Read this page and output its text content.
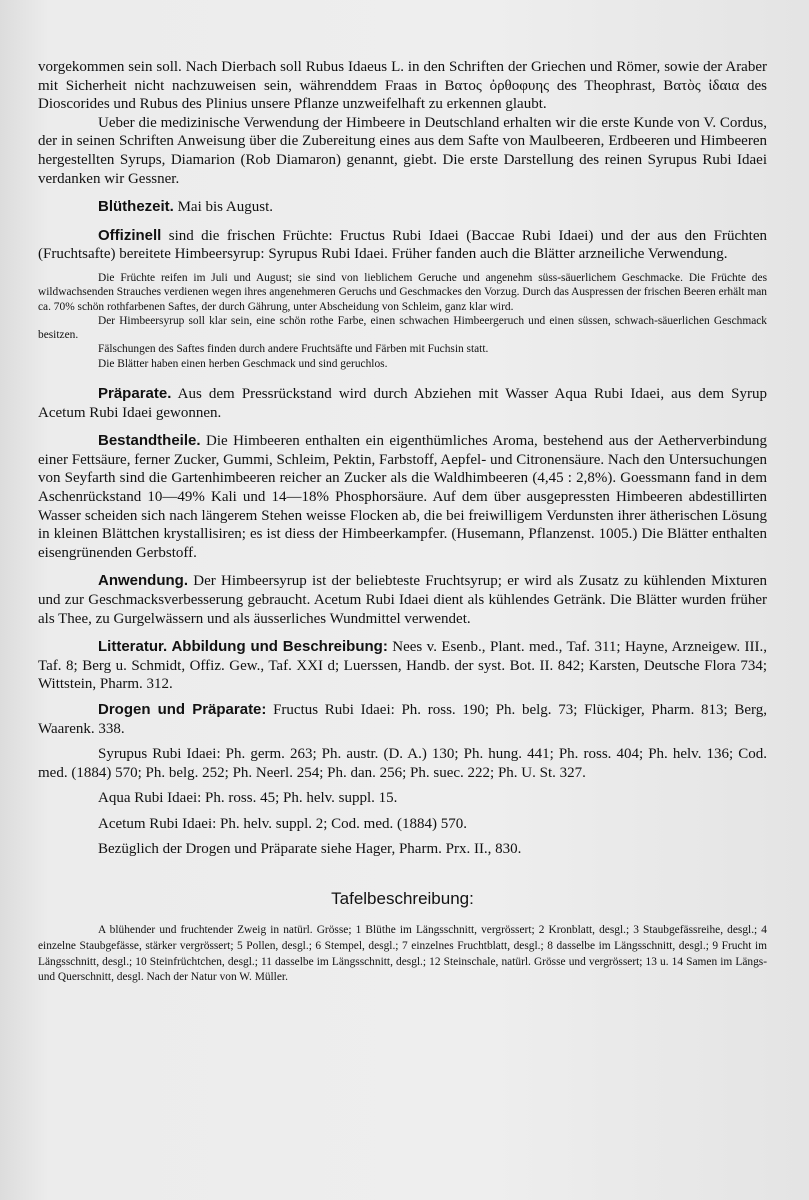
vorgekommen sein soll. Nach Dierbach soll Rubus Idaeus L. in den Schriften der Griechen und Römer, sowie der Araber mit Sicherheit nicht nachzuweisen sein, währenddem Fraas in Βατος ὀρθοφυης des Theophrast, Βατὸς ἰδαια des Dioscorides und Rubus des Plinius unsere Pflanze unzweifelhaft zu erkennen glaubt.

Ueber die medizinische Verwendung der Himbeere in Deutschland erhalten wir die erste Kunde von V. Cordus, der in seinen Schriften Anweisung über die Zubereitung eines aus dem Safte von Maulbeeren, Erdbeeren und Himbeeren hergestellten Syrups, Diamarion (Rob Diamaron) genannt, giebt. Die erste Darstellung des reinen Syrupus Rubi Idaei verdanken wir Gessner.

Blüthezeit. Mai bis August.

Offizinell sind die frischen Früchte: Fructus Rubi Idaei (Baccae Rubi Idaei) und der aus den Früchten (Fruchtsafte) bereitete Himbeersyrup: Syrupus Rubi Idaei. Früher fanden auch die Blätter arzneiliche Verwendung.

Die Früchte reifen im Juli und August; sie sind von lieblichem Geruche und angenehm süss-säuerlichem Geschmacke. Die Früchte des wildwachsenden Strauches verdienen wegen ihres angenehmeren Geruchs und Geschmackes den Vorzug. Durch das Auspressen der frischen Beeren erhält man ca. 70% schön rothfarbenen Saftes, der durch Gährung, unter Abscheidung von Schleim, ganz klar wird.

Der Himbeersyrup soll klar sein, eine schön rothe Farbe, einen schwachen Himbeergeruch und einen süssen, schwach-säuerlichen Geschmack besitzen.

Fälschungen des Saftes finden durch andere Fruchtsäfte und Färben mit Fuchsin statt.

Die Blätter haben einen herben Geschmack und sind geruchlos.

Präparate. Aus dem Pressrückstand wird durch Abziehen mit Wasser Aqua Rubi Idaei, aus dem Syrup Acetum Rubi Idaei gewonnen.

Bestandtheile. Die Himbeeren enthalten ein eigenthümliches Aroma, bestehend aus der Aetherverbindung einer Fettsäure, ferner Zucker, Gummi, Schleim, Pektin, Farbstoff, Aepfel- und Citronensäure. Nach den Untersuchungen von Seyfarth sind die Gartenhimbeeren reicher an Zucker als die Waldhimbeeren (4,45 : 2,8%). Goessmann fand in dem Aschenrückstand 10—49% Kali und 14—18% Phosphorsäure. Auf dem über ausgepressten Himbeeren abdestillirten Wasser scheiden sich nach längerem Stehen weisse Flocken ab, die bei freiwilligem Verdunsten ihrer ätherischen Lösung in kleinen Blättchen krystallisiren; es ist diess der Himbeerkampfer. (Husemann, Pflanzenst. 1005.) Die Blätter enthalten eisengrünenden Gerbstoff.

Anwendung. Der Himbeersyrup ist der beliebteste Fruchtsyrup; er wird als Zusatz zu kühlenden Mixturen und zur Geschmacksverbesserung gebraucht. Acetum Rubi Idaei dient als kühlendes Getränk. Die Blätter wurden früher als Thee, zu Gurgelwässern und als äusserliches Wundmittel verwendet.

Litteratur. Abbildung und Beschreibung: Nees v. Esenb., Plant. med., Taf. 311; Hayne, Arzneigew. III., Taf. 8; Berg u. Schmidt, Offiz. Gew., Taf. XXI d; Luerssen, Handb. der syst. Bot. II. 842; Karsten, Deutsche Flora 734; Wittstein, Pharm. 312.

Drogen und Präparate: Fructus Rubi Idaei: Ph. ross. 190; Ph. belg. 73; Flückiger, Pharm. 813; Berg, Waarenk. 338.

Syrupus Rubi Idaei: Ph. germ. 263; Ph. austr. (D. A.) 130; Ph. hung. 441; Ph. ross. 404; Ph. helv. 136; Cod. med. (1884) 570; Ph. belg. 252; Ph. Neerl. 254; Ph. dan. 256; Ph. suec. 222; Ph. U. St. 327.

Aqua Rubi Idaei: Ph. ross. 45; Ph. helv. suppl. 15.

Acetum Rubi Idaei: Ph. helv. suppl. 2; Cod. med. (1884) 570.

Bezüglich der Drogen und Präparate siehe Hager, Pharm. Prx. II., 830.

Tafelbeschreibung:

A blühender und fruchtender Zweig in natürl. Grösse; 1 Blüthe im Längsschnitt, vergrössert; 2 Kronblatt, desgl.; 3 Staubgefässreihe, desgl.; 4 einzelne Staubgefässe, stärker vergrössert; 5 Pollen, desgl.; 6 Stempel, desgl.; 7 einzelnes Fruchtblatt, desgl.; 8 dasselbe im Längsschnitt, desgl.; 9 Frucht im Längsschnitt, desgl.; 10 Steinfrüchtchen, desgl.; 11 dasselbe im Längsschnitt, desgl.; 12 Steinschale, natürl. Grösse und vergrössert; 13 u. 14 Samen im Längs- und Querschnitt, desgl. Nach der Natur von W. Müller.
